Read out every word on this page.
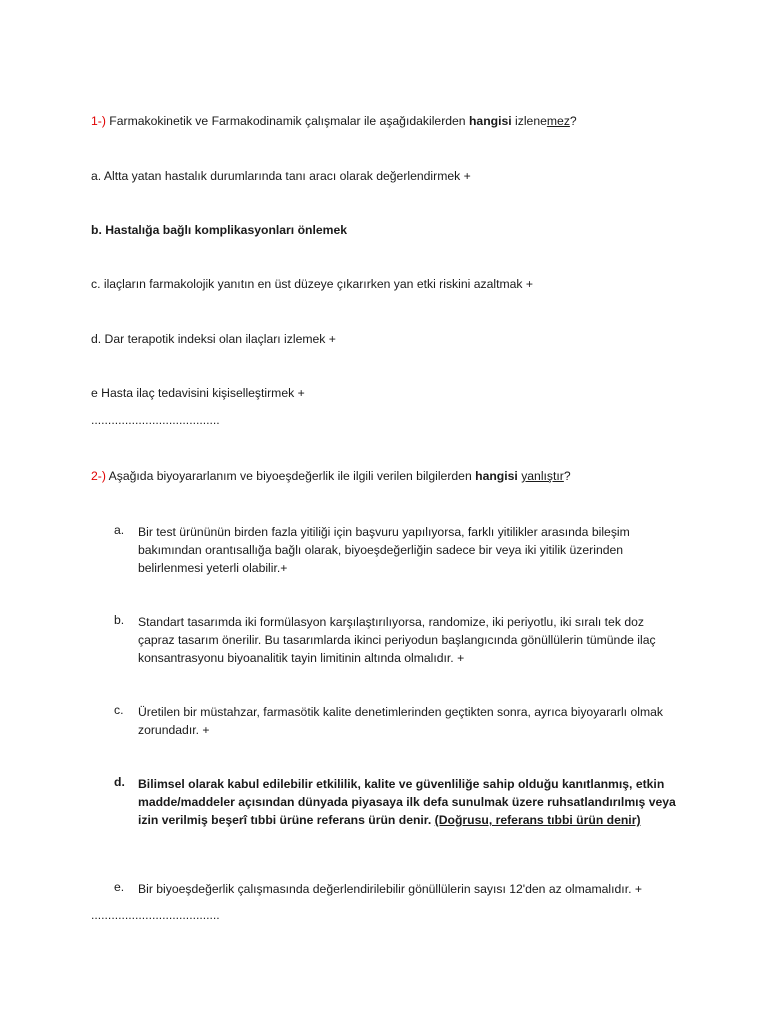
1-) Farmakokinetik ve Farmakodinamik çalışmalar ile aşağıdakilerden hangisi izlenemez?
a. Altta yatan hastalık durumlarında tanı aracı olarak değerlendirmek +
b. Hastalığa bağlı komplikasyonları önlemek
c. ilaçların farmakolojik yanıtın en üst düzeye çıkarırken yan etki riskini azaltmak +
d. Dar terapotik indeksi olan ilaçları izlemek +
e Hasta ilaç tedavisini kişiselleştirmek +
......................................
2-) Aşağıda biyoyararlanım ve biyoeşdeğerlik ile ilgili verilen bilgilerden hangisi yanlıştır?
a.	Bir test ürününün birden fazla yitiliği için başvuru yapılıyorsa, farklı yitilikler arasında bileşim bakımından orantısallığa bağlı olarak, biyoeşdeğerliğin sadece bir veya iki yitilik üzerinden belirlenmesi yeterli olabilir.+
b.	Standart tasarımda iki formülasyon karşılaştırılıyorsa, randomize, iki periyotlu, iki sıralı tek doz çapraz tasarım önerilir. Bu tasarımlarda ikinci periyodun başlangıcında gönüllülerin tümünde ilaç konsantrasyonu biyoanalitik tayin limitinin altında olmalıdır. +
c.	Üretilen bir müstahzar, farmasötik kalite denetimlerinden geçtikten sonra, ayrıca biyoyararlı olmak zorundadır. +
d.	Bilimsel olarak kabul edilebilir etkililik, kalite ve güvenliliğe sahip olduğu kanıtlanmış, etkin madde/maddeler açısından dünyada piyasaya ilk defa sunulmak üzere ruhsatlandırılmış veya izin verilmiş beşerî tıbbi ürüne referans ürün denir. (Doğrusu, referans tıbbi ürün denir)
e.	Bir biyoeşdeğerlik çalışmasında değerlendirilebilir gönüllülerin sayısı 12'den az olmamalıdır. +
......................................
